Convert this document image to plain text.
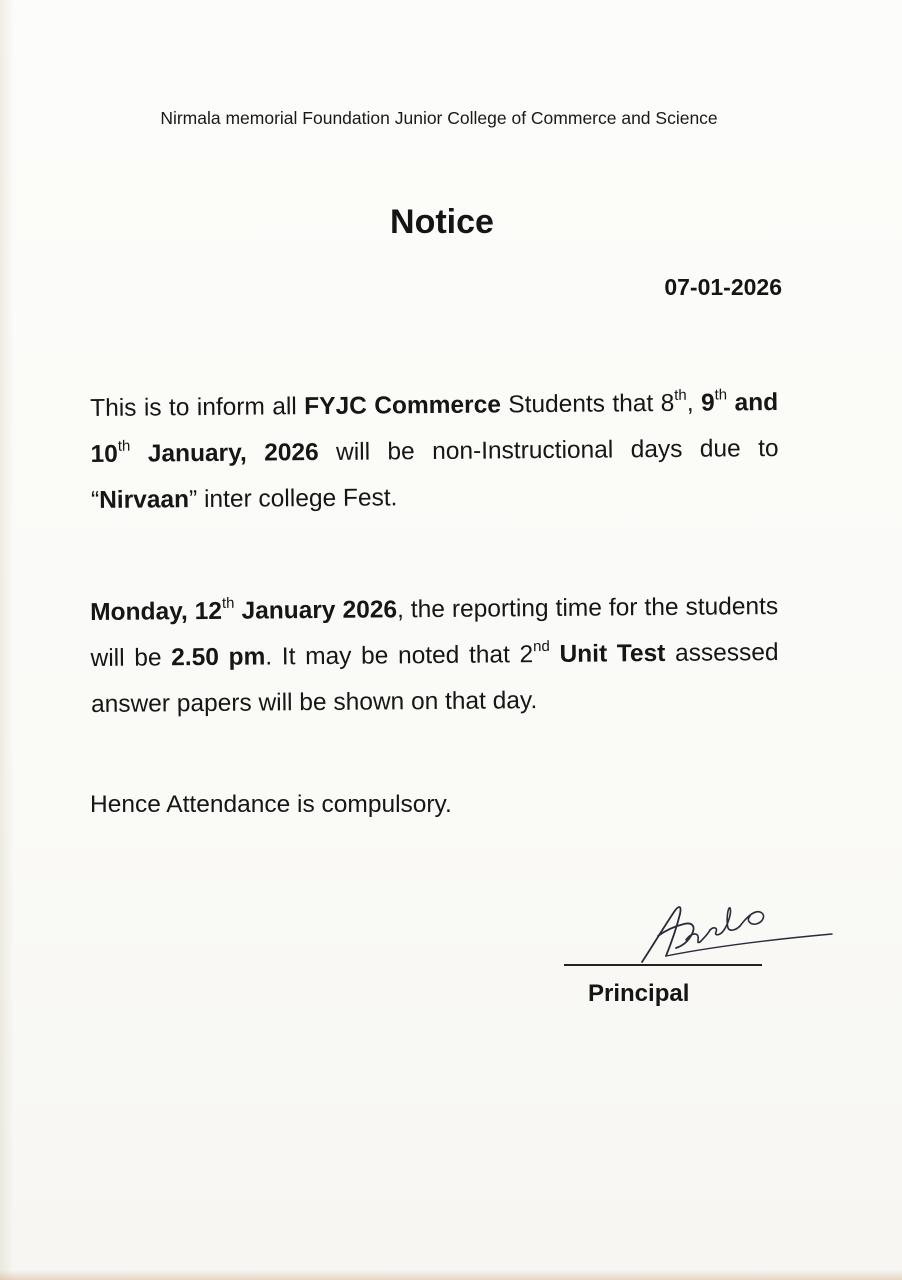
Nirmala memorial Foundation Junior College of Commerce and Science
Notice
07-01-2026
This is to inform all FYJC Commerce Students that 8th, 9th and 10th January, 2026 will be non-Instructional days due to “Nirvaan” inter college Fest.
Monday, 12th January 2026, the reporting time for the students will be 2.50 pm. It may be noted that 2nd Unit Test assessed answer papers will be shown on that day.
Hence Attendance is compulsory.
Principal
